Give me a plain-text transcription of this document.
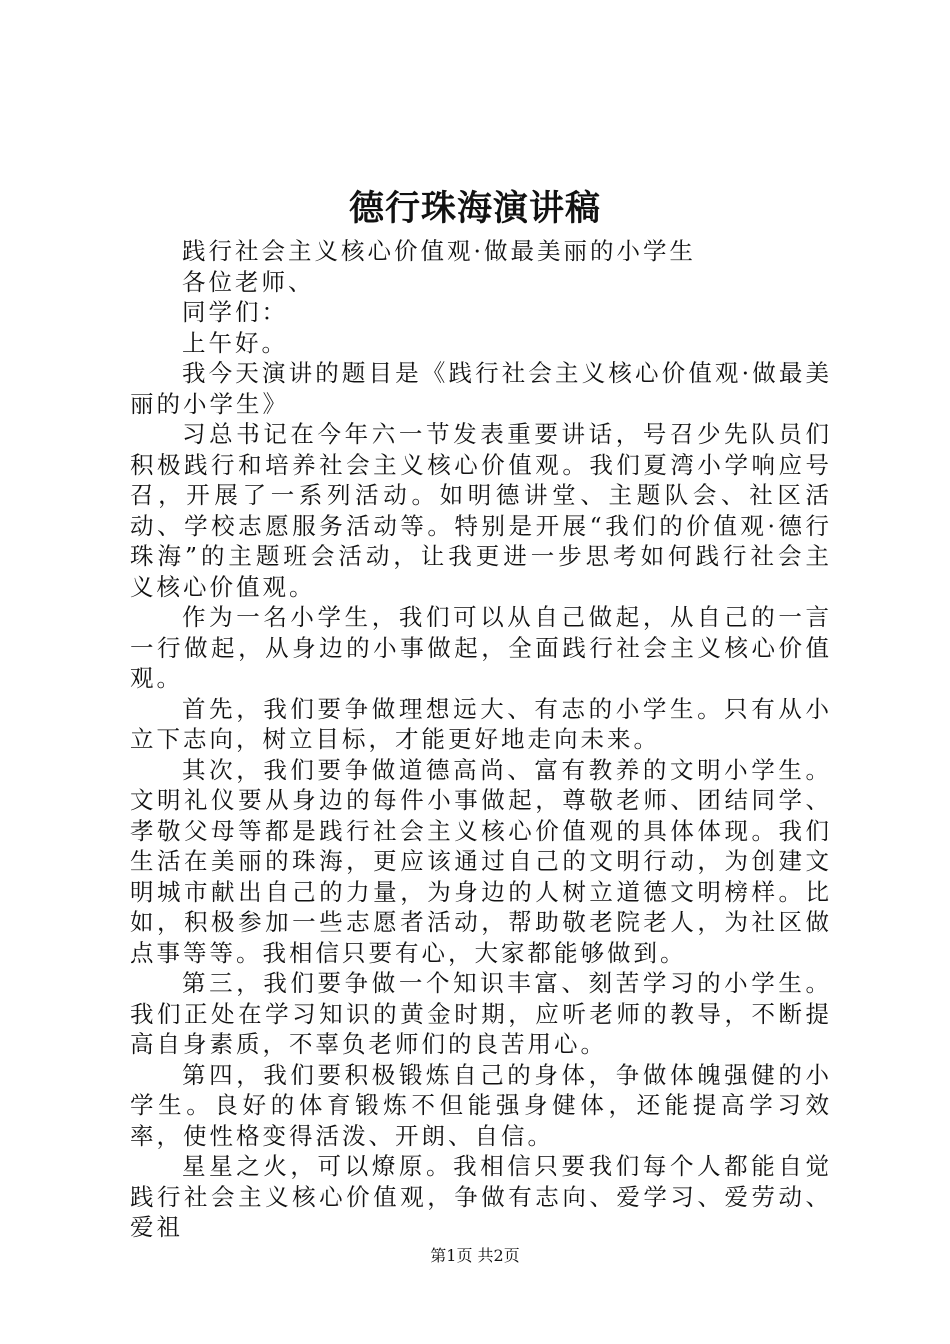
德行珠海演讲稿

践行社会主义核心价值观·做最美丽的小学生

各位老师、

同学们：

上午好。

我今天演讲的题目是《践行社会主义核心价值观·做最美丽的小学生》

习总书记在今年六一节发表重要讲话，号召少先队员们积极践行和培养社会主义核心价值观。我们夏湾小学响应号召，开展了一系列活动。如明德讲堂、主题队会、社区活动、学校志愿服务活动等。特别是开展“我们的价值观·德行珠海”的主题班会活动，让我更进一步思考如何践行社会主义核心价值观。

作为一名小学生，我们可以从自己做起，从自己的一言一行做起，从身边的小事做起，全面践行社会主义核心价值观。

首先，我们要争做理想远大、有志的小学生。只有从小立下志向，树立目标，才能更好地走向未来。

其次，我们要争做道德高尚、富有教养的文明小学生。文明礼仪要从身边的每件小事做起，尊敬老师、团结同学、孝敬父母等都是践行社会主义核心价值观的具体体现。我们生活在美丽的珠海，更应该通过自己的文明行动，为创建文明城市献出自己的力量，为身边的人树立道德文明榜样。比如，积极参加一些志愿者活动，帮助敬老院老人，为社区做点事等等。我相信只要有心，大家都能够做到。

第三，我们要争做一个知识丰富、刻苦学习的小学生。我们正处在学习知识的黄金时期，应听老师的教导，不断提高自身素质，不辜负老师们的良苦用心。

第四，我们要积极锻炼自己的身体，争做体魄强健的小学生。良好的体育锻炼不但能强身健体，还能提高学习效率，使性格变得活泼、开朗、自信。

星星之火，可以燎原。我相信只要我们每个人都能自觉践行社会主义核心价值观，争做有志向、爱学习、爱劳动、爱祖

第1页 共2页
